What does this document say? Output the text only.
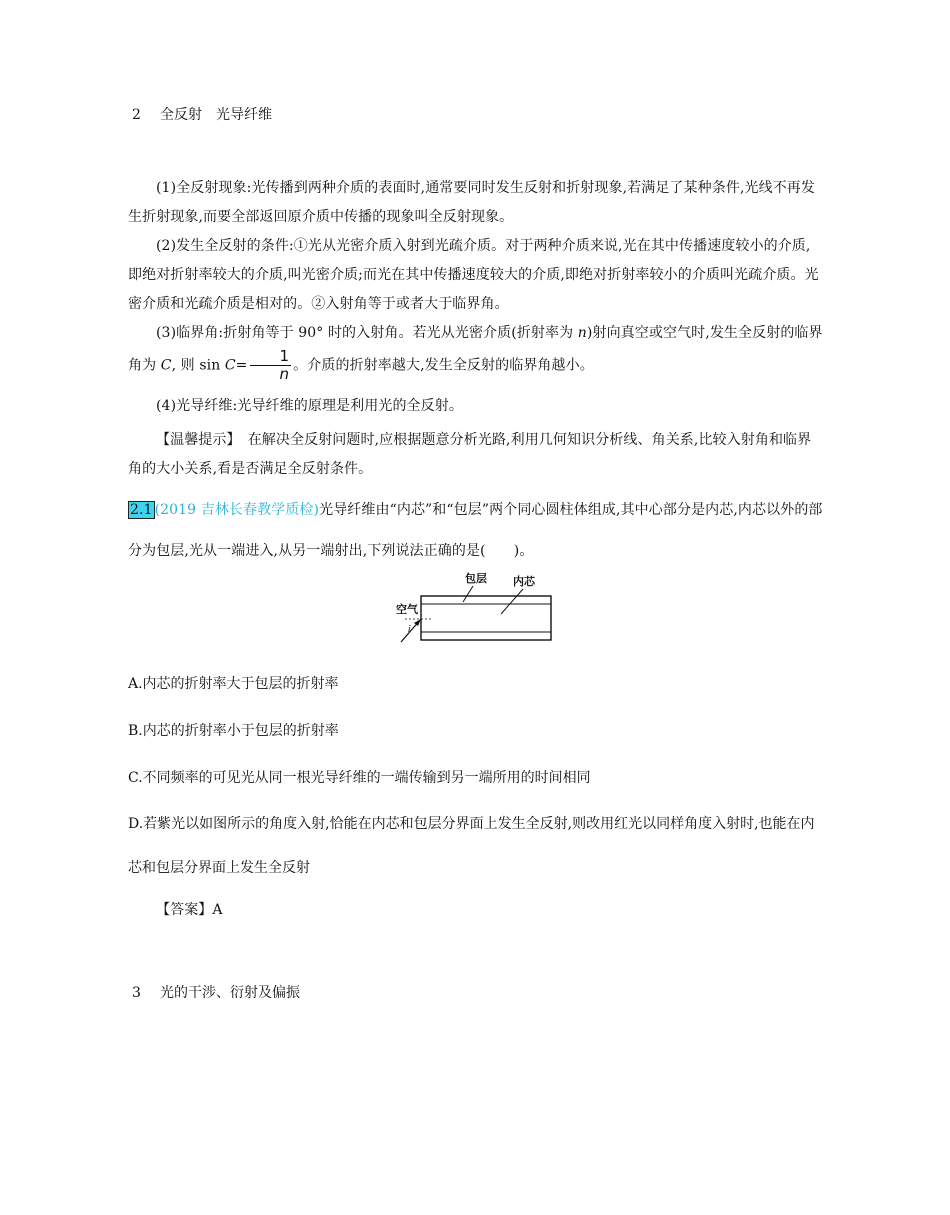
2 全反射　光导纤维
(1)全反射现象:光传播到两种介质的表面时,通常要同时发生反射和折射现象,若满足了某种条件,光线不再发生折射现象,而要全部返回原介质中传播的现象叫全反射现象。
(2)发生全反射的条件:①光从光密介质入射到光疏介质。对于两种介质来说,光在其中传播速度较小的介质,即绝对折射率较大的介质,叫光密介质;而光在其中传播速度较大的介质,即绝对折射率较小的介质叫光疏介质。光密介质和光疏介质是相对的。②入射角等于或者大于临界角。
(3)临界角:折射角等于 90° 时的入射角。若光从光密介质(折射率为 n)射向真空或空气时,发生全反射的临界角为 C, 则 $\sin C= \frac{1}{n}$ 。介质的折射率越大,发生全反射的临界角越小。
(4)光导纤维:光导纤维的原理是利用光的全反射。
【温馨提示】　在解决全反射问题时,应根据题意分析光路,利用几何知识分析线、角关系,比较入射角和临界角的大小关系,看是否满足全反射条件。
2.1 (2019 吉林长春教学质检)光导纤维由“内芯”和“包层”两个同心圆柱体组成,其中心部分是内芯,内芯以外的部分为包层,光从一端进入,从另一端射出,下列说法正确的是(　　)。
包层 内芯
空气
i
A.内芯的折射率大于包层的折射率
B.内芯的折射率小于包层的折射率
C.不同频率的可见光从同一根光导纤维的一端传输到另一端所用的时间相同
D.若紫光以如图所示的角度入射,恰能在内芯和包层分界面上发生全反射,则改用红光以同样角度入射时,也能在内芯和包层分界面上发生全反射
【答案】A
3 光的干涉、衍射及偏振
